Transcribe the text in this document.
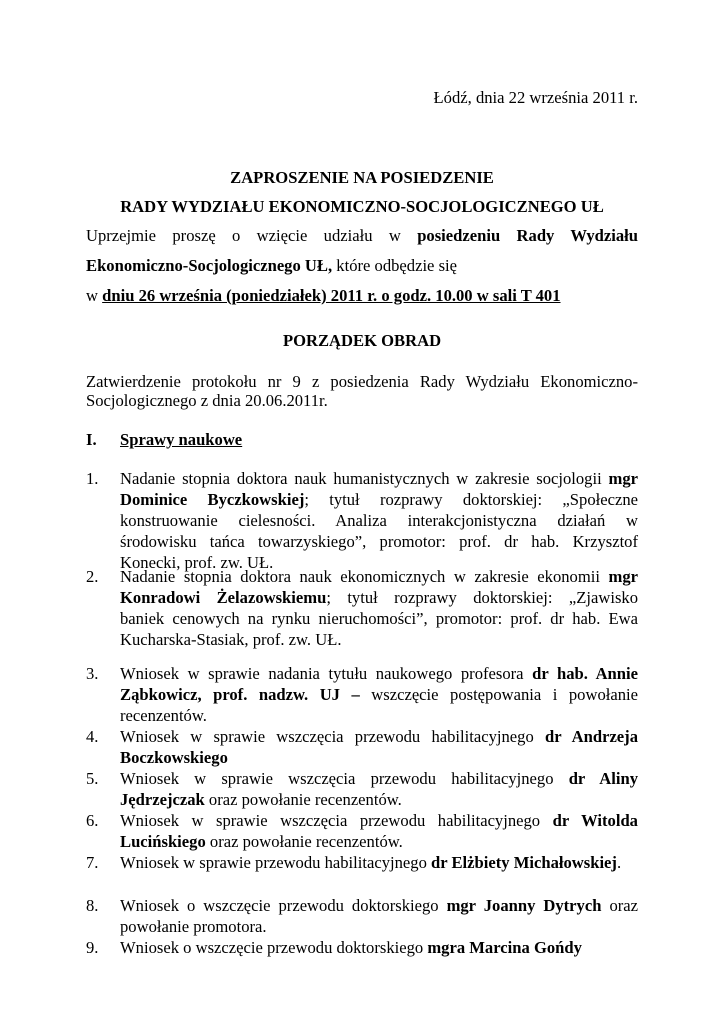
Łódź, dnia 22 września 2011 r.
ZAPROSZENIE NA POSIEDZENIE
RADY WYDZIAŁU EKONOMICZNO-SOCJOLOGICZNEGO UŁ
Uprzejmie proszę o wzięcie udziału w posiedzeniu Rady Wydziału
Ekonomiczno-Socjologicznego UŁ, które odbędzie się
w dniu 26 września (poniedziałek) 2011 r. o godz. 10.00 w sali T 401
PORZĄDEK OBRAD
Zatwierdzenie protokołu nr 9 z posiedzenia Rady Wydziału Ekonomiczno-
Socjologicznego z dnia 20.06.2011r.
I. Sprawy naukowe
1. Nadanie stopnia doktora nauk humanistycznych w zakresie socjologii mgr
Dominice Byczkowskiej; tytuł rozprawy doktorskiej: „Społeczne
konstruowanie cielesności. Analiza interakcjonistyczna działań w
środowisku tańca towarzyskiego”, promotor: prof. dr hab. Krzysztof
Konecki, prof. zw. UŁ.
2. Nadanie stopnia doktora nauk ekonomicznych w zakresie ekonomii mgr
Konradowi Żelazowskiemu; tytuł rozprawy doktorskiej: „Zjawisko
baniek cenowych na rynku nieruchomości”, promotor: prof. dr hab. Ewa
Kucharska-Stasiak, prof. zw. UŁ.
3. Wniosek w sprawie nadania tytułu naukowego profesora dr hab. Annie
Ząbkowicz, prof. nadzw. UJ – wszczęcie postępowania i powołanie
recenzentów.
4. Wniosek w sprawie wszczęcia przewodu habilitacyjnego dr Andrzeja
Boczkowskiego
5. Wniosek w sprawie wszczęcia przewodu habilitacyjnego dr Aliny
Jędrzejczak oraz powołanie recenzentów.
6. Wniosek w sprawie wszczęcia przewodu habilitacyjnego dr Witolda
Lucińskiego oraz powołanie recenzentów.
7. Wniosek w sprawie przewodu habilitacyjnego dr Elżbiety Michałowskiej.
8. Wniosek o wszczęcie przewodu doktorskiego mgr Joanny Dytrych oraz
powołanie promotora.
9. Wniosek o wszczęcie przewodu doktorskiego mgra Marcina Gońdy
